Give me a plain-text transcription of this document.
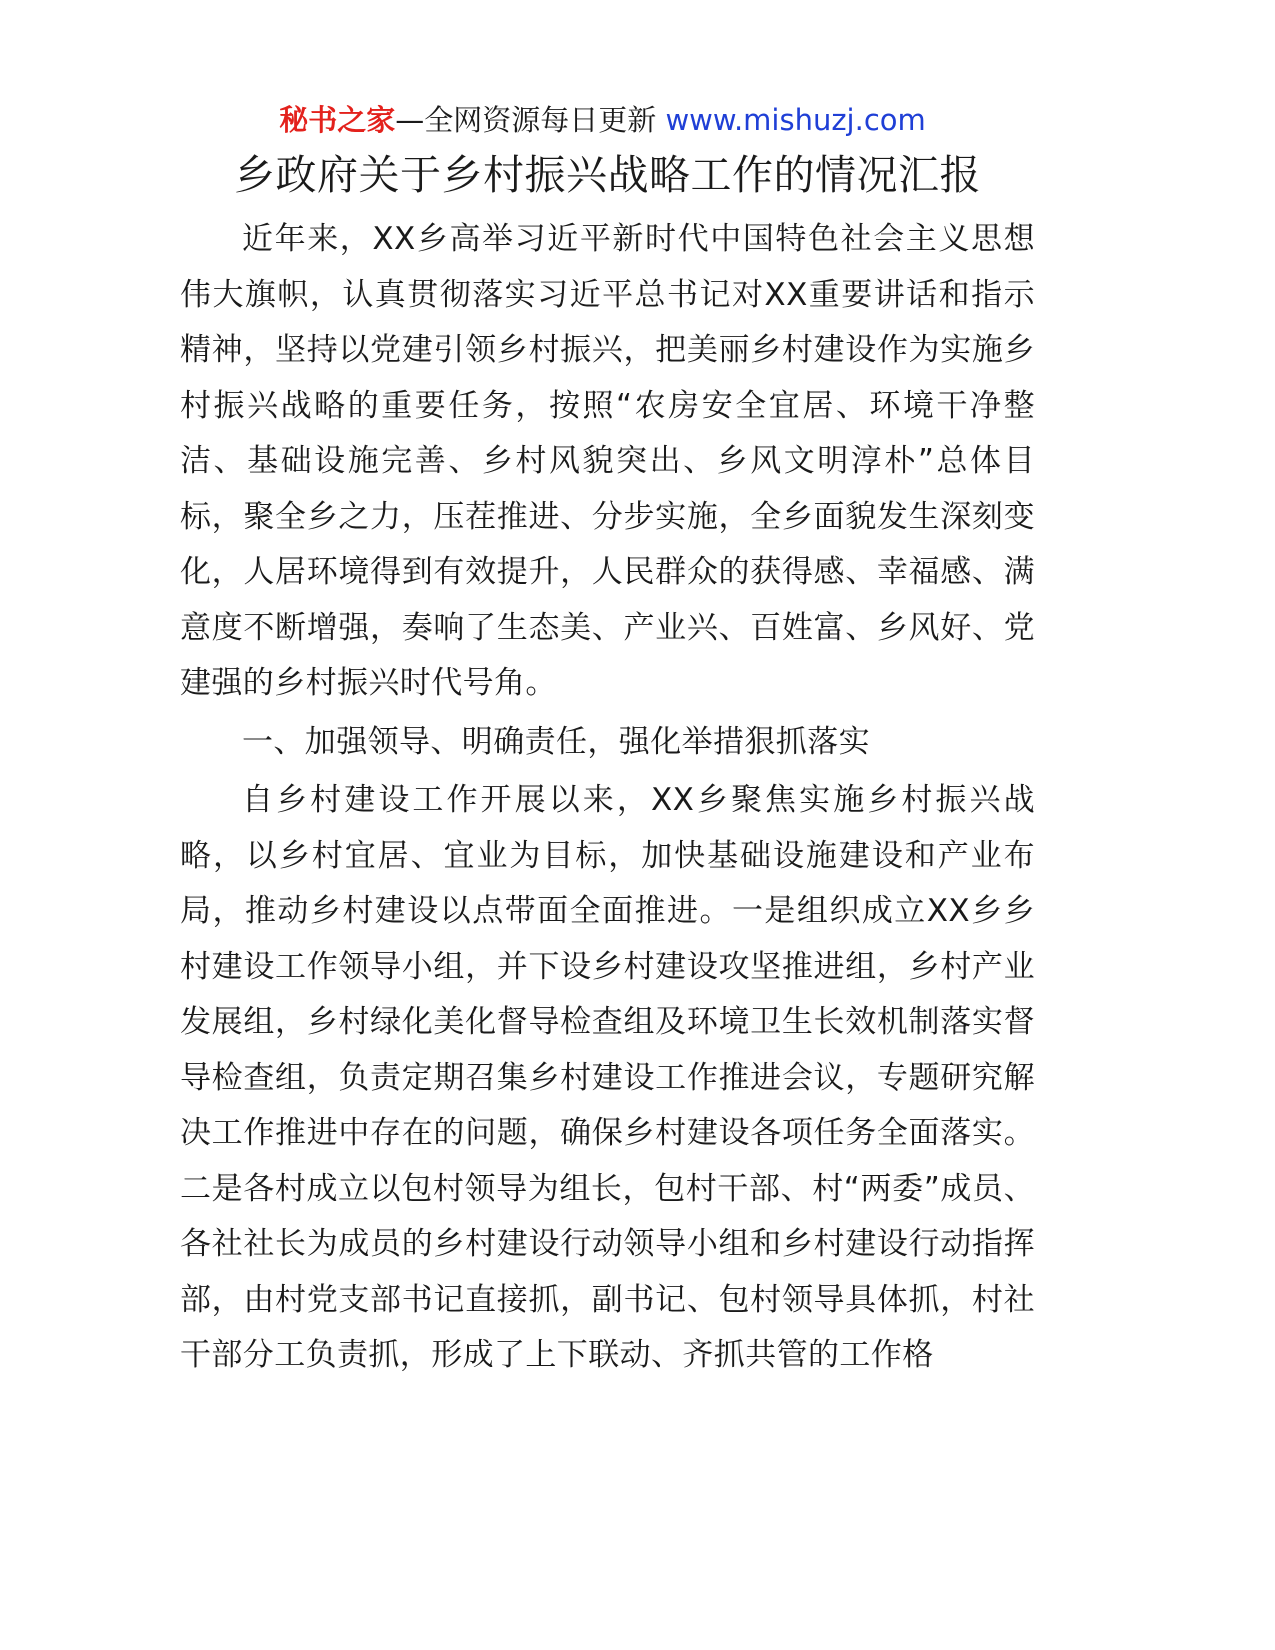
秘书之家—全网资源每日更新 www.mishuzj.com
乡政府关于乡村振兴战略工作的情况汇报

近年来，XX乡高举习近平新时代中国特色社会主义思想伟大旗帜，认真贯彻落实习近平总书记对XX重要讲话和指示精神，坚持以党建引领乡村振兴，把美丽乡村建设作为实施乡村振兴战略的重要任务，按照“农房安全宜居、环境干净整洁、基础设施完善、乡村风貌突出、乡风文明淳朴”总体目标，聚全乡之力，压茬推进、分步实施，全乡面貌发生深刻变化，人居环境得到有效提升，人民群众的获得感、幸福感、满意度不断增强，奏响了生态美、产业兴、百姓富、乡风好、党建强的乡村振兴时代号角。

一、加强领导、明确责任，强化举措狠抓落实

自乡村建设工作开展以来，XX乡聚焦实施乡村振兴战略，以乡村宜居、宜业为目标，加快基础设施建设和产业布局，推动乡村建设以点带面全面推进。一是组织成立XX乡乡村建设工作领导小组，并下设乡村建设攻坚推进组，乡村产业发展组，乡村绿化美化督导检查组及环境卫生长效机制落实督导检查组，负责定期召集乡村建设工作推进会议，专题研究解决工作推进中存在的问题，确保乡村建设各项任务全面落实。二是各村成立以包村领导为组长，包村干部、村“两委”成员、各社社长为成员的乡村建设行动领导小组和乡村建设行动指挥部，由村党支部书记直接抓，副书记、包村领导具体抓，村社干部分工负责抓，形成了上下联动、齐抓共管的工作格
